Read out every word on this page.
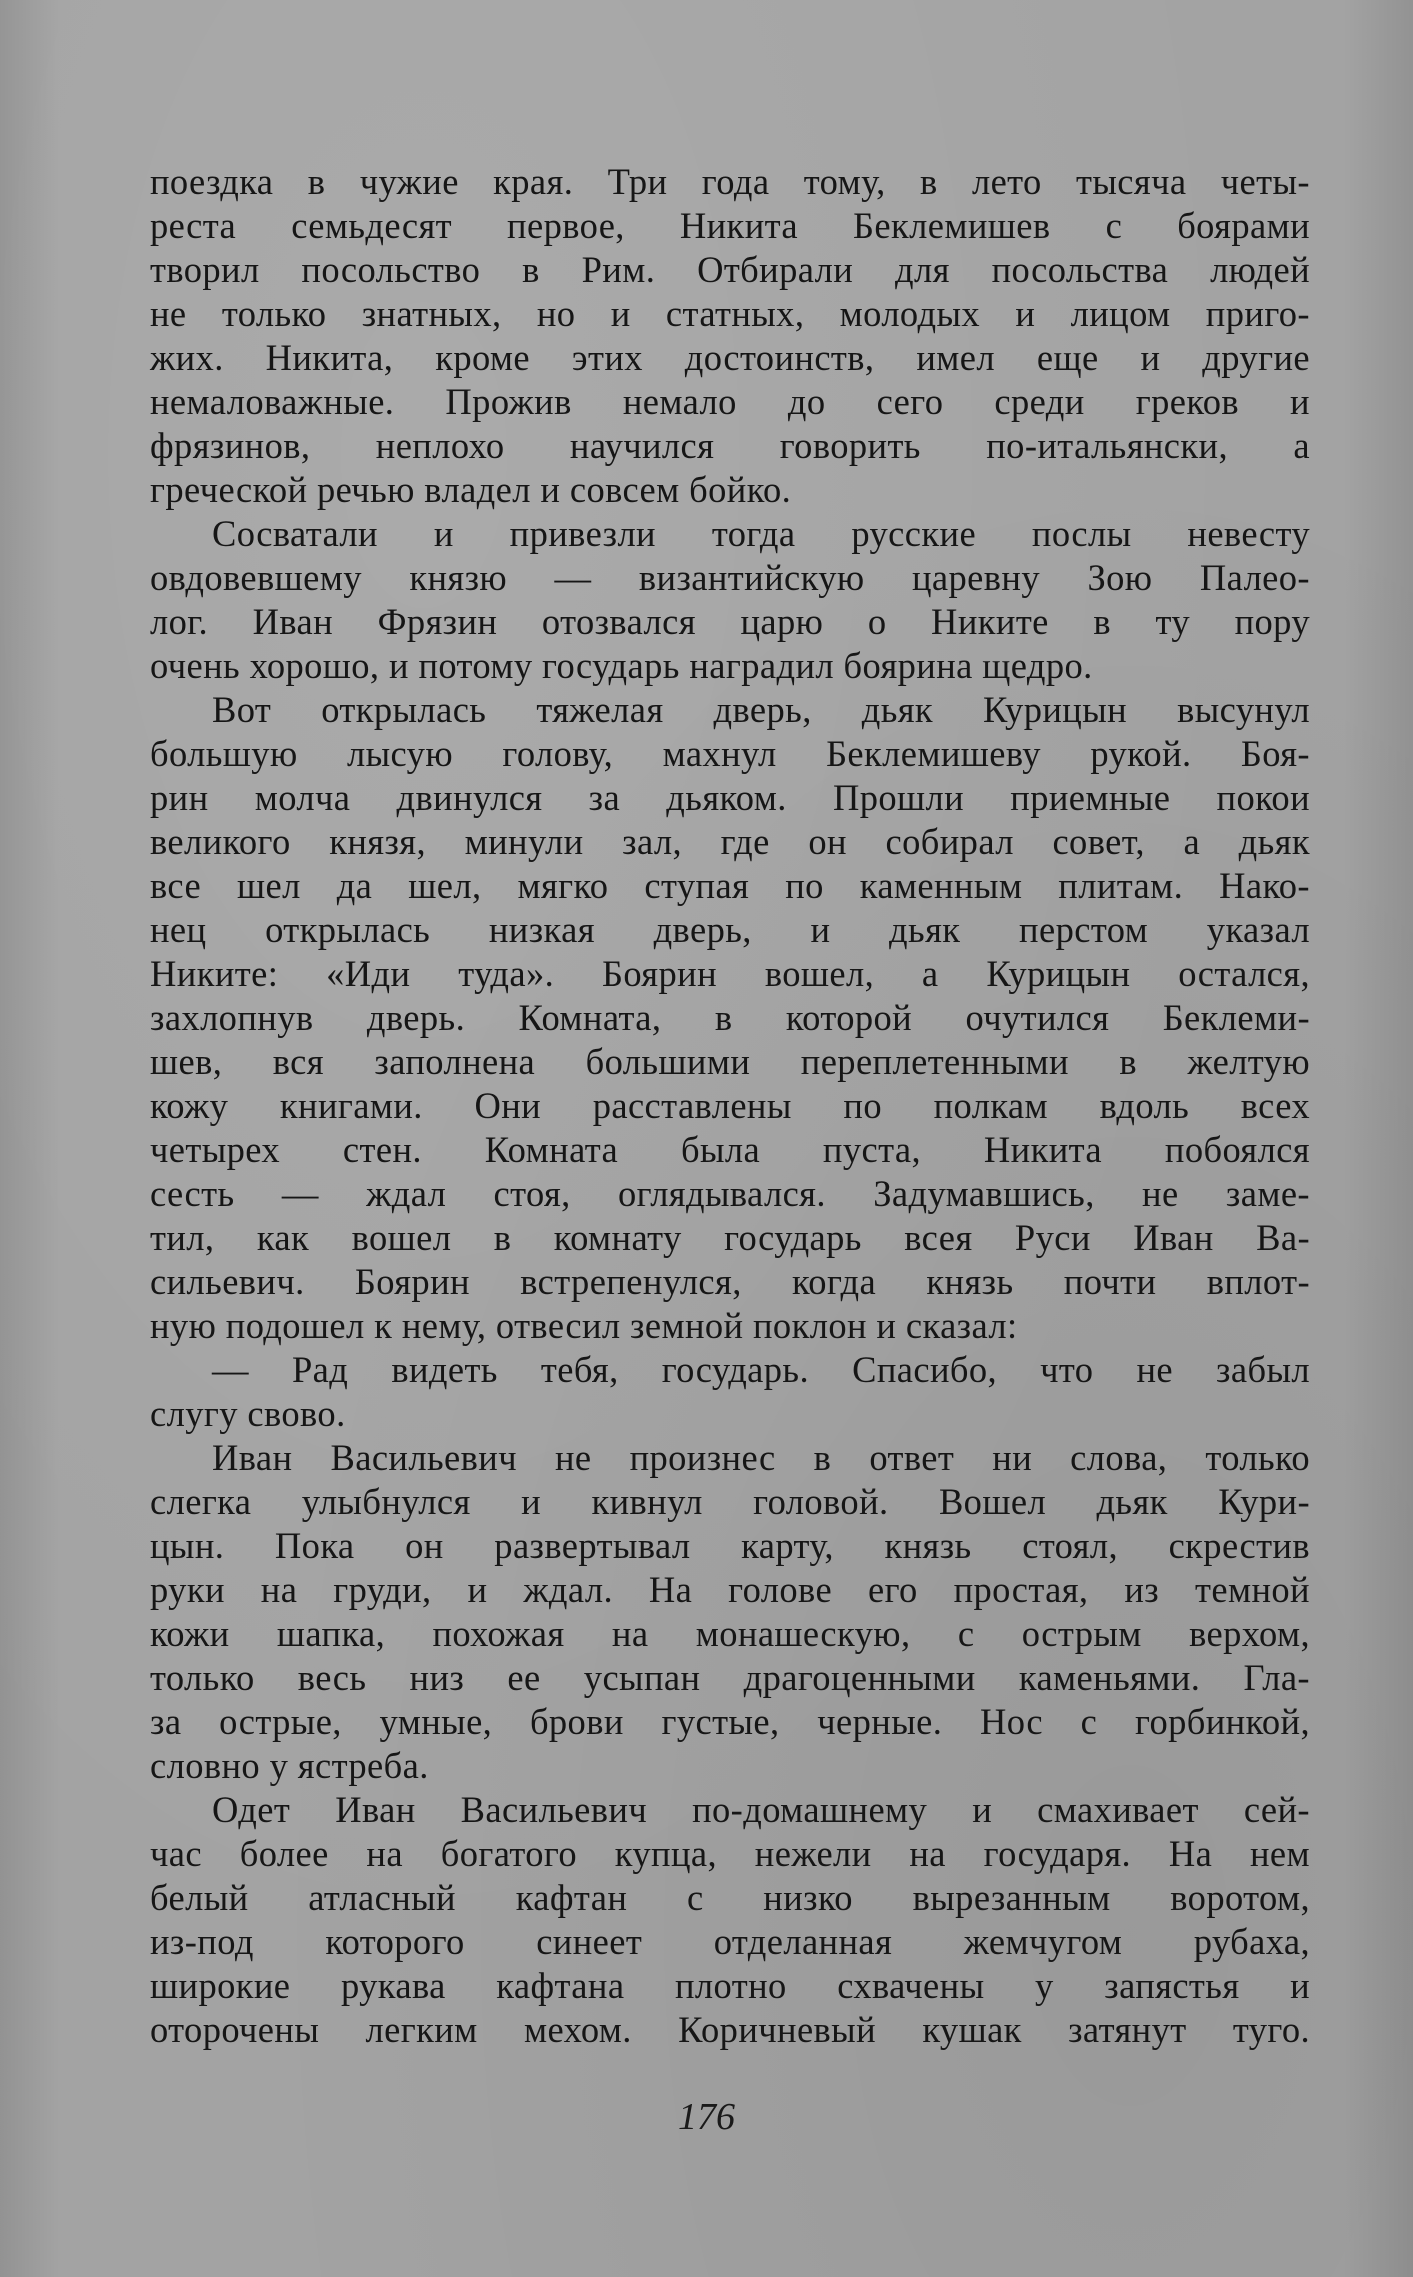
поездка в чужие края. Три года тому, в лето тысяча четы-
реста семьдесят первое, Никита Беклемишев с боярами
творил посольство в Рим. Отбирали для посольства людей
не только знатных, но и статных, молодых и лицом приго-
жих. Никита, кроме этих достоинств, имел еще и другие
немаловажные. Прожив немало до сего среди греков и
фрязинов, неплохо научился говорить по-итальянски, а
греческой речью владел и совсем бойко.
Сосватали и привезли тогда русские послы невесту
овдовевшему князю — византийскую царевну Зою Палео-
лог. Иван Фрязин отозвался царю о Никите в ту пору
очень хорошо, и потому государь наградил боярина щедро.
Вот открылась тяжелая дверь, дьяк Курицын высунул
большую лысую голову, махнул Беклемишеву рукой. Боя-
рин молча двинулся за дьяком. Прошли приемные покои
великого князя, минули зал, где он собирал совет, а дьяк
все шел да шел, мягко ступая по каменным плитам. Нако-
нец открылась низкая дверь, и дьяк перстом указал
Никите: «Иди туда». Боярин вошел, а Курицын остался,
захлопнув дверь. Комната, в которой очутился Беклеми-
шев, вся заполнена большими переплетенными в желтую
кожу книгами. Они расставлены по полкам вдоль всех
четырех стен. Комната была пуста, Никита побоялся
сесть — ждал стоя, оглядывался. Задумавшись, не заме-
тил, как вошел в комнату государь всея Руси Иван Ва-
сильевич. Боярин встрепенулся, когда князь почти вплот-
ную подошел к нему, отвесил земной поклон и сказал:
— Рад видеть тебя, государь. Спасибо, что не забыл
слугу свово.
Иван Васильевич не произнес в ответ ни слова, только
слегка улыбнулся и кивнул головой. Вошел дьяк Кури-
цын. Пока он развертывал карту, князь стоял, скрестив
руки на груди, и ждал. На голове его простая, из темной
кожи шапка, похожая на монашескую, с острым верхом,
только весь низ ее усыпан драгоценными каменьями. Гла-
за острые, умные, брови густые, черные. Нос с горбинкой,
словно у ястреба.
Одет Иван Васильевич по-домашнему и смахивает сей-
час более на богатого купца, нежели на государя. На нем
белый атласный кафтан с низко вырезанным воротом,
из-под которого синеет отделанная жемчугом рубаха,
широкие рукава кафтана плотно схвачены у запястья и
оторочены легким мехом. Коричневый кушак затянут туго.
176
